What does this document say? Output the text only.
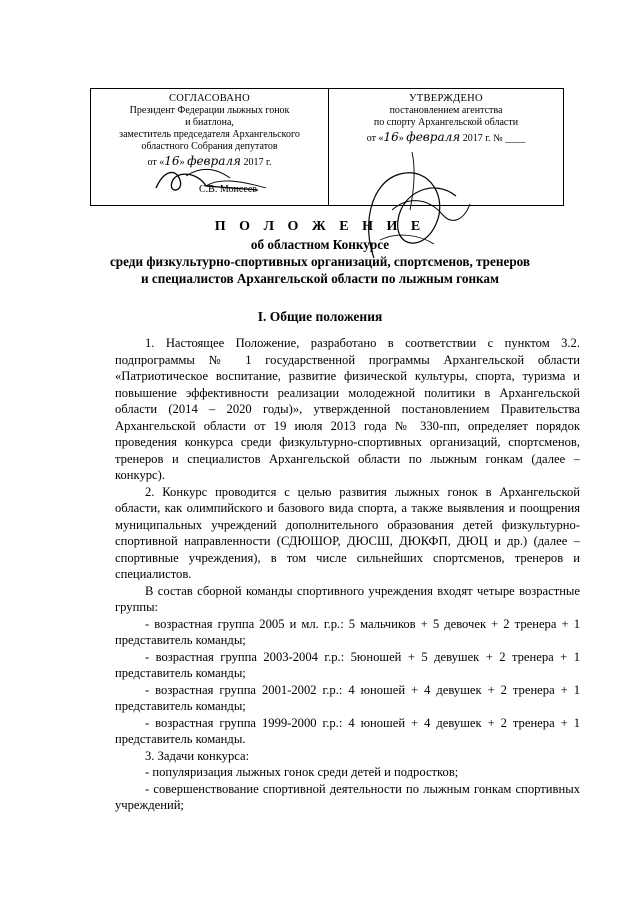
СОГЛАСОВАНО
Президент Федерации лыжных гонок
и биатлона,
заместитель председателя Архангельского
областного Собрания депутатов
от «16» февраля 2017 г.
С.В. Моисеев
УТВЕРЖДЕНО
постановлением агентства
по спорту Архангельской области
от «16» февраля 2017 г. № ____
П О Л О Ж Е Н И Е
об областном Конкурсе
среди физкультурно-спортивных организаций, спортсменов, тренеров
и специалистов Архангельской области по лыжным гонкам
I. Общие положения

1. Настоящее Положение, разработано в соответствии с пунктом 3.2. подпрограммы № 1 государственной программы Архангельской области «Патриотическое воспитание, развитие физической культуры, спорта, туризма и повышение эффективности реализации молодежной политики в Архангельской области (2014 – 2020 годы)», утвержденной постановлением Правительства Архангельской области от 19 июля 2013 года № 330-пп, определяет порядок проведения конкурса среди физкультурно-спортивных организаций, спортсменов, тренеров и специалистов Архангельской области по лыжным гонкам (далее – конкурс).

2. Конкурс проводится с целью развития лыжных гонок в Архангельской области, как олимпийского и базового вида спорта, а также выявления и поощрения муниципальных учреждений дополнительного образования детей физкультурно-спортивной направленности (СДЮШОР, ДЮСШ, ДЮКФП, ДЮЦ и др.) (далее – спортивные учреждения), в том числе сильнейших спортсменов, тренеров и специалистов.

В состав сборной команды спортивного учреждения входят четыре возрастные группы:

- возрастная группа 2005 и мл. г.р.: 5 мальчиков + 5 девочек + 2 тренера + 1 представитель команды;

- возрастная группа 2003-2004 г.р.: 5юношей + 5 девушек + 2 тренера + 1 представитель команды;

- возрастная группа 2001-2002 г.р.: 4 юношей + 4 девушек + 2 тренера + 1 представитель команды;

- возрастная группа 1999-2000 г.р.: 4 юношей + 4 девушек + 2 тренера + 1 представитель команды.

3. Задачи конкурса:

- популяризация лыжных гонок среди детей и подростков;

- совершенствование спортивной деятельности по лыжным гонкам спортивных учреждений;
